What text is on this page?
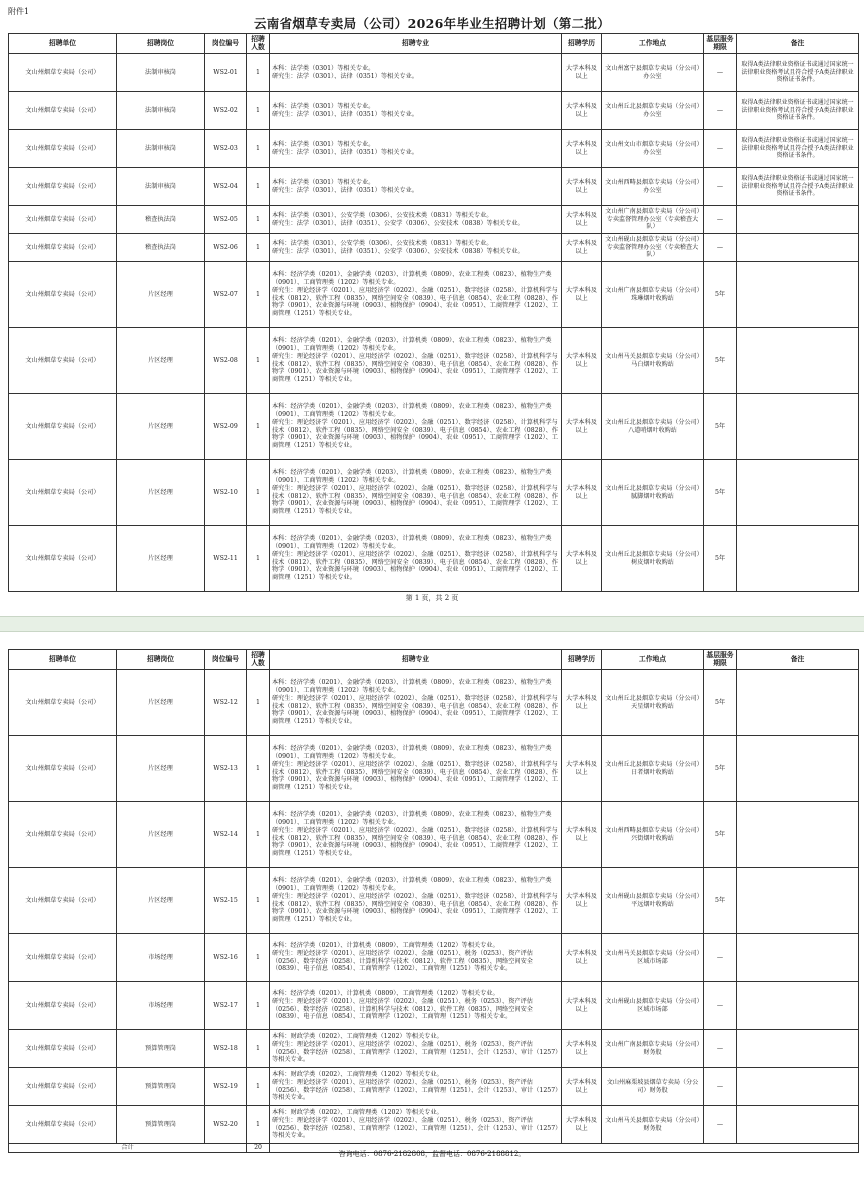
附件1
云南省烟草专卖局（公司）2026年毕业生招聘计划（第二批）
招聘单位	招聘岗位	岗位编号	招聘人数	招聘专业	招聘学历	工作地点	基层服务期限	备注
文山州烟草专卖局（公司）	法制审核岗	WS2-01	1	本科：法学类（0301）等相关专业。
研究生：法学（0301）、法律（0351）等相关专业。	大学本科及以上	文山州富宁县烟草专卖局（分公司）办公室	—	取得A类法律职业资格证书或通过国家统一法律职业资格考试且符合授予A类法律职业资格证书条件。
文山州烟草专卖局（公司）	法制审核岗	WS2-02	1	本科：法学类（0301）等相关专业。
研究生：法学（0301）、法律（0351）等相关专业。	大学本科及以上	文山州丘北县烟草专卖局（分公司）办公室	—	取得A类法律职业资格证书或通过国家统一法律职业资格考试且符合授予A类法律职业资格证书条件。
文山州烟草专卖局（公司）	法制审核岗	WS2-03	1	本科：法学类（0301）等相关专业。
研究生：法学（0301）、法律（0351）等相关专业。	大学本科及以上	文山州文山市烟草专卖局（分公司）办公室	—	取得A类法律职业资格证书或通过国家统一法律职业资格考试且符合授予A类法律职业资格证书条件。
文山州烟草专卖局（公司）	法制审核岗	WS2-04	1	本科：法学类（0301）等相关专业。
研究生：法学（0301）、法律（0351）等相关专业。	大学本科及以上	文山州西畴县烟草专卖局（分公司）办公室	—	取得A类法律职业资格证书或通过国家统一法律职业资格考试且符合授予A类法律职业资格证书条件。
文山州烟草专卖局（公司）	稽查执法岗	WS2-05	1	本科：法学类（0301）、公安学类（0306）、公安技术类（0831）等相关专业。
研究生：法学（0301）、法律（0351）、公安学（0306）、公安技术（0838）等相关专业。	大学本科及以上	文山州广南县烟草专卖局（分公司）专卖监督管理办公室（专卖稽查大队）	—	
文山州烟草专卖局（公司）	稽查执法岗	WS2-06	1	本科：法学类（0301）、公安学类（0306）、公安技术类（0831）等相关专业。
研究生：法学（0301）、法律（0351）、公安学（0306）、公安技术（0838）等相关专业。	大学本科及以上	文山州砚山县烟草专卖局（分公司）专卖监督管理办公室（专卖稽查大队）	—	
文山州烟草专卖局（公司）	片区经理	WS2-07	1	本科：经济学类（0201）、金融学类（0203）、计算机类（0809）、农业工程类（0823）、植物生产类（0901）、工商管理类（1202）等相关专业。
研究生：理论经济学（0201）、应用经济学（0202）、金融（0251）、数字经济（0258）、计算机科学与技术（0812）、软件工程（0835）、网络空间安全（0839）、电子信息（0854）、农业工程（0828）、作物学（0901）、农业资源与环境（0903）、植物保护（0904）、农业（0951）、工商管理学（1202）、工商管理（1251）等相关专业。	大学本科及以上	文山州广南县烟草专卖局（分公司）珠琳烟叶收购站	5年	
文山州烟草专卖局（公司）	片区经理	WS2-08	1	本科：经济学类（0201）、金融学类（0203）、计算机类（0809）、农业工程类（0823）、植物生产类（0901）、工商管理类（1202）等相关专业。
研究生：理论经济学（0201）、应用经济学（0202）、金融（0251）、数字经济（0258）、计算机科学与技术（0812）、软件工程（0835）、网络空间安全（0839）、电子信息（0854）、农业工程（0828）、作物学（0901）、农业资源与环境（0903）、植物保护（0904）、农业（0951）、工商管理学（1202）、工商管理（1251）等相关专业。	大学本科及以上	文山州马关县烟草专卖局（分公司）马白烟叶收购站	5年	
文山州烟草专卖局（公司）	片区经理	WS2-09	1	本科：经济学类（0201）、金融学类（0203）、计算机类（0809）、农业工程类（0823）、植物生产类（0901）、工商管理类（1202）等相关专业。
研究生：理论经济学（0201）、应用经济学（0202）、金融（0251）、数字经济（0258）、计算机科学与技术（0812）、软件工程（0835）、网络空间安全（0839）、电子信息（0854）、农业工程（0828）、作物学（0901）、农业资源与环境（0903）、植物保护（0904）、农业（0951）、工商管理学（1202）、工商管理（1251）等相关专业。	大学本科及以上	文山州丘北县烟草专卖局（分公司）八道哨烟叶收购站	5年	
文山州烟草专卖局（公司）	片区经理	WS2-10	1	本科：经济学类（0201）、金融学类（0203）、计算机类（0809）、农业工程类（0823）、植物生产类（0901）、工商管理类（1202）等相关专业。
研究生：理论经济学（0201）、应用经济学（0202）、金融（0251）、数字经济（0258）、计算机科学与技术（0812）、软件工程（0835）、网络空间安全（0839）、电子信息（0854）、农业工程（0828）、作物学（0901）、农业资源与环境（0903）、植物保护（0904）、农业（0951）、工商管理学（1202）、工商管理（1251）等相关专业。	大学本科及以上	文山州丘北县烟草专卖局（分公司）腻脚烟叶收购站	5年	
文山州烟草专卖局（公司）	片区经理	WS2-11	1	本科：经济学类（0201）、金融学类（0203）、计算机类（0809）、农业工程类（0823）、植物生产类（0901）、工商管理类（1202）等相关专业。
研究生：理论经济学（0201）、应用经济学（0202）、金融（0251）、数字经济（0258）、计算机科学与技术（0812）、软件工程（0835）、网络空间安全（0839）、电子信息（0854）、农业工程（0828）、作物学（0901）、农业资源与环境（0903）、植物保护（0904）、农业（0951）、工商管理学（1202）、工商管理（1251）等相关专业。	大学本科及以上	文山州丘北县烟草专卖局（分公司）树皮烟叶收购站	5年	
第 1 页，共 2 页
招聘单位	招聘岗位	岗位编号	招聘人数	招聘专业	招聘学历	工作地点	基层服务期限	备注
文山州烟草专卖局（公司）	片区经理	WS2-12	1	本科：经济学类（0201）、金融学类（0203）、计算机类（0809）、农业工程类（0823）、植物生产类（0901）、工商管理类（1202）等相关专业。
研究生：理论经济学（0201）、应用经济学（0202）、金融（0251）、数字经济（0258）、计算机科学与技术（0812）、软件工程（0835）、网络空间安全（0839）、电子信息（0854）、农业工程（0828）、作物学（0901）、农业资源与环境（0903）、植物保护（0904）、农业（0951）、工商管理学（1202）、工商管理（1251）等相关专业。	大学本科及以上	文山州丘北县烟草专卖局（分公司）天星烟叶收购站	5年	
文山州烟草专卖局（公司）	片区经理	WS2-13	1	本科：经济学类（0201）、金融学类（0203）、计算机类（0809）、农业工程类（0823）、植物生产类（0901）、工商管理类（1202）等相关专业。
研究生：理论经济学（0201）、应用经济学（0202）、金融（0251）、数字经济（0258）、计算机科学与技术（0812）、软件工程（0835）、网络空间安全（0839）、电子信息（0854）、农业工程（0828）、作物学（0901）、农业资源与环境（0903）、植物保护（0904）、农业（0951）、工商管理学（1202）、工商管理（1251）等相关专业。	大学本科及以上	文山州丘北县烟草专卖局（分公司）日者烟叶收购站	5年	
文山州烟草专卖局（公司）	片区经理	WS2-14	1	本科：经济学类（0201）、金融学类（0203）、计算机类（0809）、农业工程类（0823）、植物生产类（0901）、工商管理类（1202）等相关专业。
研究生：理论经济学（0201）、应用经济学（0202）、金融（0251）、数字经济（0258）、计算机科学与技术（0812）、软件工程（0835）、网络空间安全（0839）、电子信息（0854）、农业工程（0828）、作物学（0901）、农业资源与环境（0903）、植物保护（0904）、农业（0951）、工商管理学（1202）、工商管理（1251）等相关专业。	大学本科及以上	文山州西畴县烟草专卖局（分公司）兴街烟叶收购站	5年	
文山州烟草专卖局（公司）	片区经理	WS2-15	1	本科：经济学类（0201）、金融学类（0203）、计算机类（0809）、农业工程类（0823）、植物生产类（0901）、工商管理类（1202）等相关专业。
研究生：理论经济学（0201）、应用经济学（0202）、金融（0251）、数字经济（0258）、计算机科学与技术（0812）、软件工程（0835）、网络空间安全（0839）、电子信息（0854）、农业工程（0828）、作物学（0901）、农业资源与环境（0903）、植物保护（0904）、农业（0951）、工商管理学（1202）、工商管理（1251）等相关专业。	大学本科及以上	文山州砚山县烟草专卖局（分公司）平远烟叶收购站	5年	
文山州烟草专卖局（公司）	市场经理	WS2-16	1	本科：经济学类（0201）、计算机类（0809）、工商管理类（1202）等相关专业。
研究生：理论经济学（0201）、应用经济学（0202）、金融（0251）、税务（0253）、资产评估（0256）、数字经济（0258）、计算机科学与技术（0812）、软件工程（0835）、网络空间安全（0839）、电子信息（0854）、工商管理学（1202）、工商管理（1251）等相关专业。	大学本科及以上	文山州马关县烟草专卖局（分公司）区域市场部	—	
文山州烟草专卖局（公司）	市场经理	WS2-17	1	本科：经济学类（0201）、计算机类（0809）、工商管理类（1202）等相关专业。
研究生：理论经济学（0201）、应用经济学（0202）、金融（0251）、税务（0253）、资产评估（0256）、数字经济（0258）、计算机科学与技术（0812）、软件工程（0835）、网络空间安全（0839）、电子信息（0854）、工商管理学（1202）、工商管理（1251）等相关专业。	大学本科及以上	文山州砚山县烟草专卖局（分公司）区域市场部	—	
文山州烟草专卖局（公司）	预算管理岗	WS2-18	1	本科：财政学类（0202）、工商管理类（1202）等相关专业。
研究生：理论经济学（0201）、应用经济学（0202）、金融（0251）、税务（0253）、资产评估（0256）、数字经济（0258）、工商管理学（1202）、工商管理（1251）、会计（1253）、审计（1257）等相关专业。	大学本科及以上	文山州广南县烟草专卖局（分公司）财务股	—	
文山州烟草专卖局（公司）	预算管理岗	WS2-19	1	本科：财政学类（0202）、工商管理类（1202）等相关专业。
研究生：理论经济学（0201）、应用经济学（0202）、金融（0251）、税务（0253）、资产评估（0256）、数字经济（0258）、工商管理学（1202）、工商管理（1251）、会计（1253）、审计（1257）等相关专业。	大学本科及以上	文山州麻栗坡县烟草专卖局（分公司）财务股	—	
文山州烟草专卖局（公司）	预算管理岗	WS2-20	1	本科：财政学类（0202）、工商管理类（1202）等相关专业。
研究生：理论经济学（0201）、应用经济学（0202）、金融（0251）、税务（0253）、资产评估（0256）、数字经济（0258）、工商管理学（1202）、工商管理（1251）、会计（1253）、审计（1257）等相关专业。	大学本科及以上	文山州马关县烟草专卖局（分公司）财务股	—	
合计			20					
咨询电话：0876-2182808，监督电话：0876-2188812。
